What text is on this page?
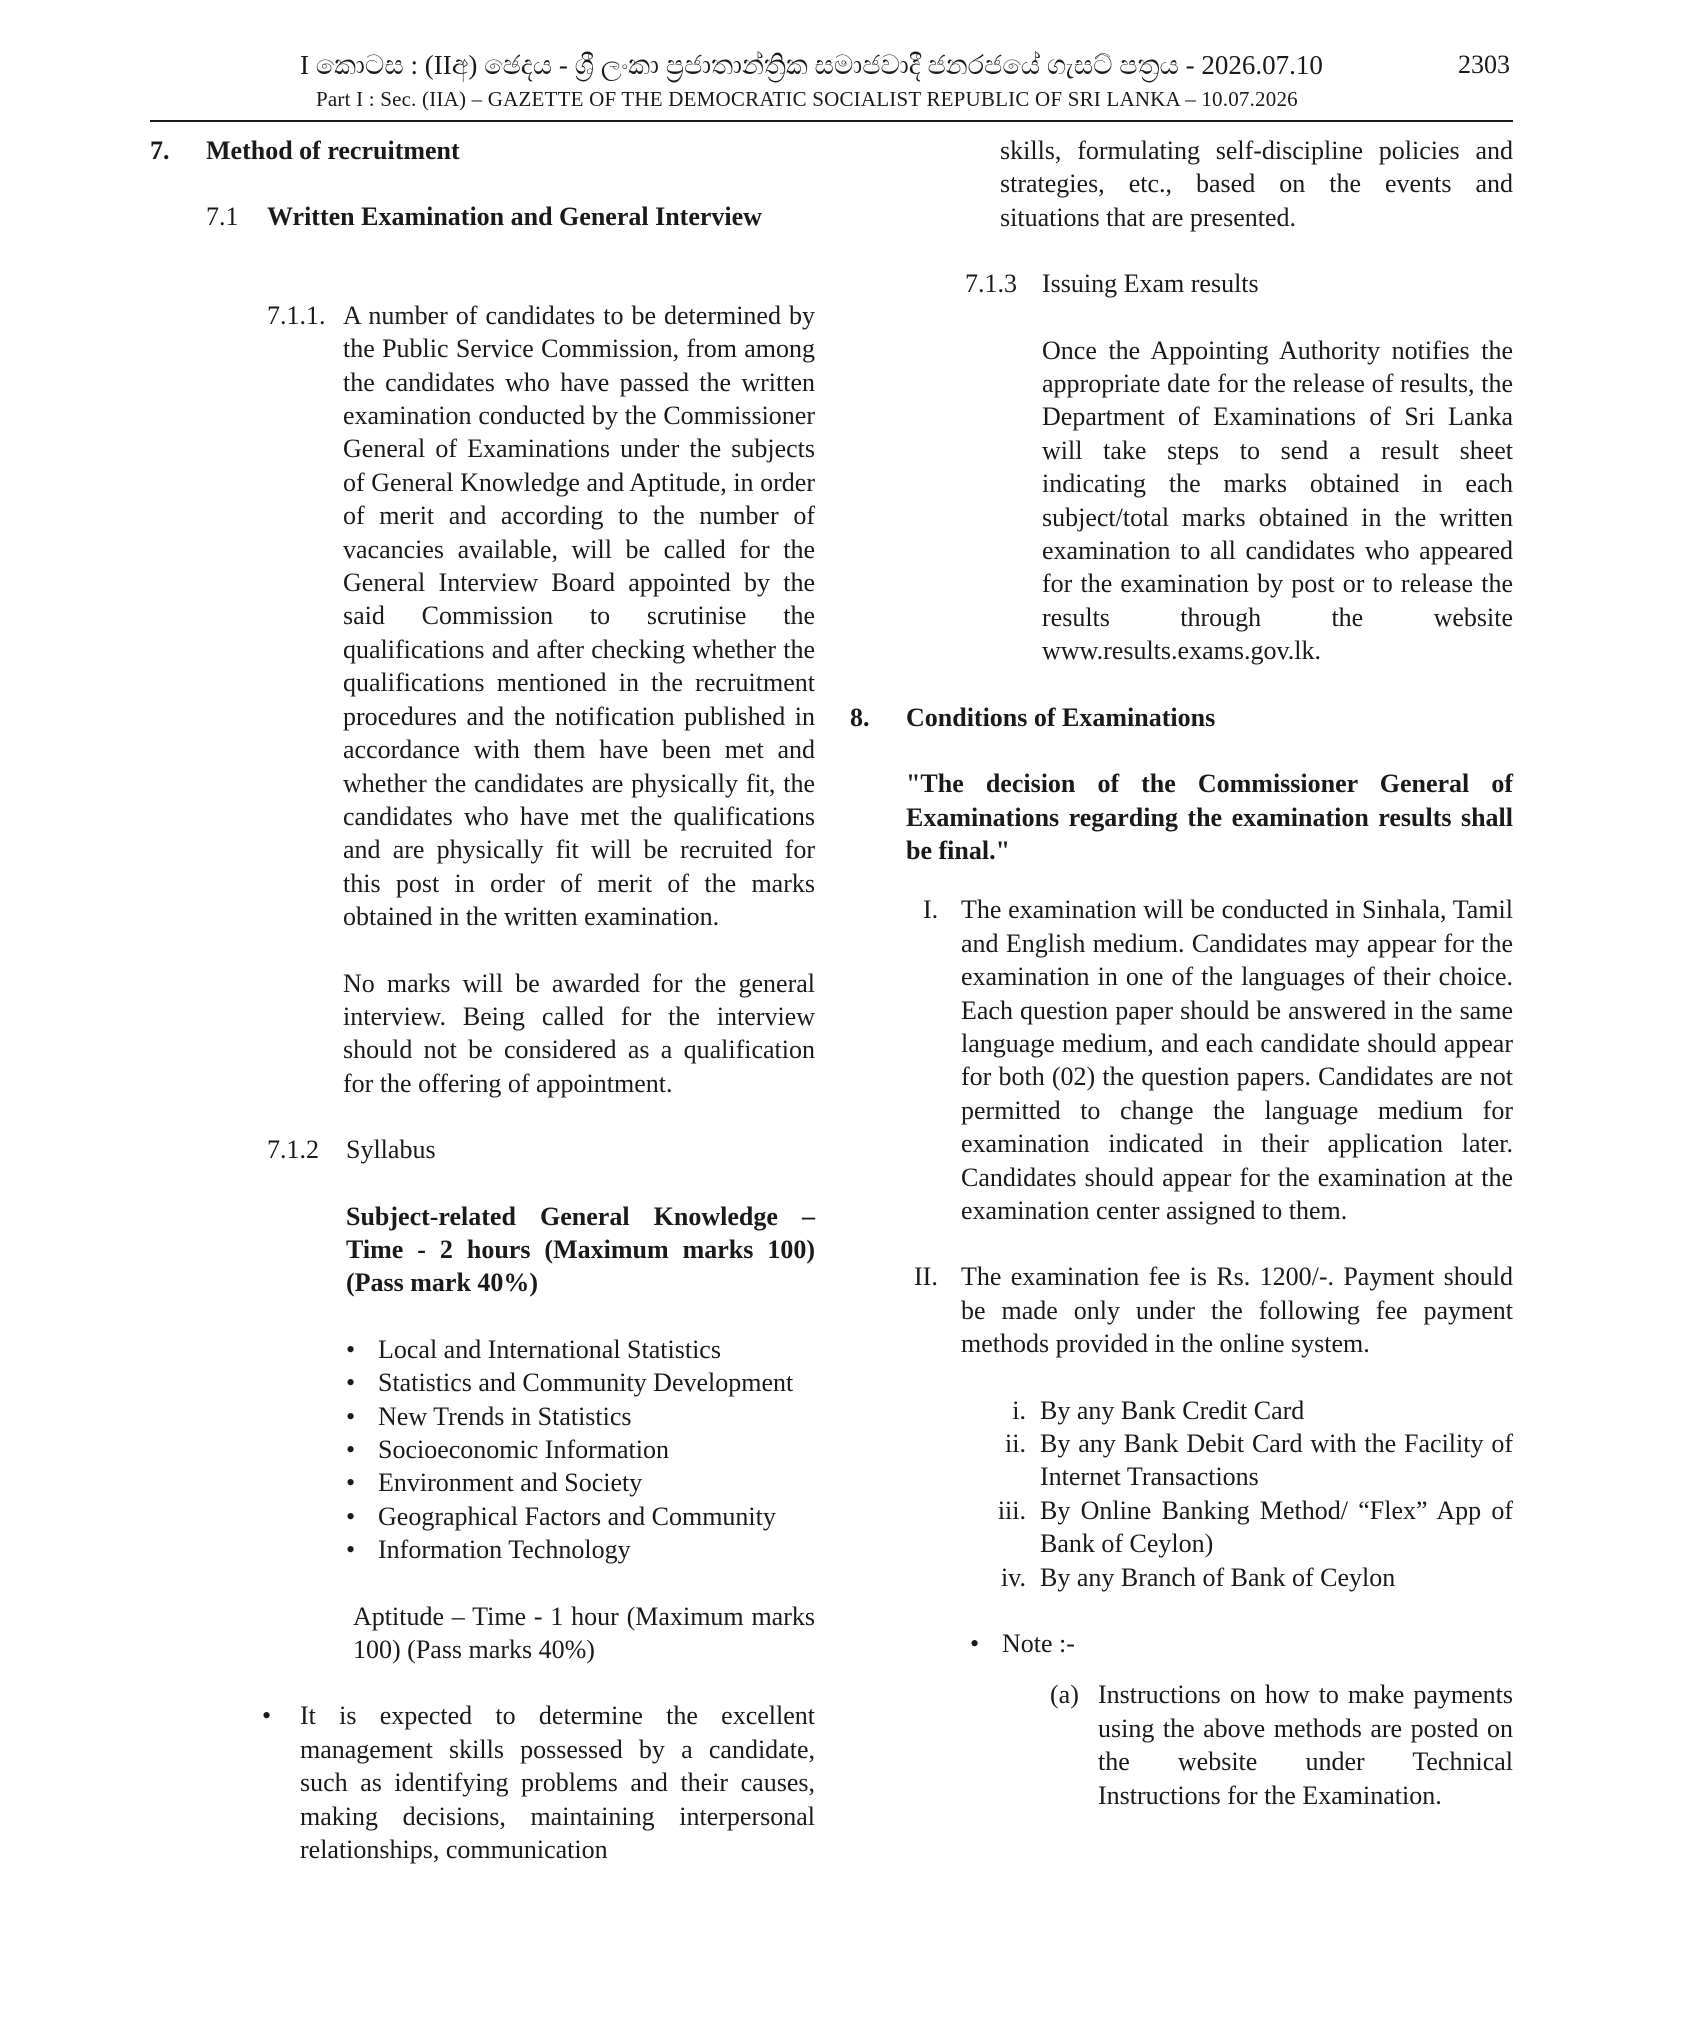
I කොටස : (IIඅ) ඡෙදය - ශ්‍රී ලංකා ප්‍රජාතාන්ත්‍රික සමාජවාදී ජනරජයේ ගැසට් පත්‍රය - 2026.07.10
Part I : Sec. (IIA) – GAZETTE OF THE DEMOCRATIC SOCIALIST REPUBLIC OF SRI LANKA – 10.07.2026
2303
7.	Method of recruitment
7.1	Written Examination and General Interview
7.1.1. A number of candidates to be determined by the Public Service Commission, from among the candidates who have passed the written examination conducted by the Commissioner General of Examinations under the subjects of General Knowledge and Aptitude, in order of merit and according to the number of vacancies available, will be called for the General Interview Board appointed by the said Commission to scrutinise the qualifications and after checking whether the qualifications mentioned in the recruitment procedures and the notification published in accordance with them have been met and whether the candidates are physically fit, the candidates who have met the qualifications and are physically fit will be recruited for this post in order of merit of the marks obtained in the written examination.

No marks will be awarded for the general interview. Being called for the interview should not be considered as a qualification for the offering of appointment.

7.1.2	Syllabus

Subject-related General Knowledge – Time - 2 hours (Maximum marks 100) (Pass mark 40%)

• Local and International Statistics
• Statistics and Community Development
• New Trends in Statistics
• Socioeconomic Information
• Environment and Society
• Geographical Factors and Community
• Information Technology

Aptitude – Time - 1 hour (Maximum marks 100) (Pass marks 40%)

•	It is expected to determine the excellent management skills possessed by a candidate, such as identifying problems and their causes, making decisions, maintaining interpersonal relationships, communication

skills, formulating self-discipline policies and strategies, etc., based on the events and situations that are presented.

7.1.3 Issuing Exam results

Once the Appointing Authority notifies the appropriate date for the release of results, the Department of Examinations of Sri Lanka will take steps to send a result sheet indicating the marks obtained in each subject/total marks obtained in the written examination to all candidates who appeared for the examination by post or to release the results through the website www.results.exams.gov.lk.

8.	Conditions of Examinations

"The decision of the Commissioner General of Examinations regarding the examination results shall be final."

I. The examination will be conducted in Sinhala, Tamil and English medium. Candidates may appear for the examination in one of the languages of their choice. Each question paper should be answered in the same language medium, and each candidate should appear for both (02) the question papers. Candidates are not permitted to change the language medium for examination indicated in their application later. Candidates should appear for the examination at the examination center assigned to them.

II. The examination fee is Rs. 1200/-. Payment should be made only under the following fee payment methods provided in the online system.

i. By any Bank Credit Card
ii. By any Bank Debit Card with the Facility of Internet Transactions
iii. By Online Banking Method/ “Flex” App of Bank of Ceylon)
iv. By any Branch of Bank of Ceylon
• Note :-
(a) Instructions on how to make payments using the above methods are posted on the website under Technical Instructions for the Examination.
